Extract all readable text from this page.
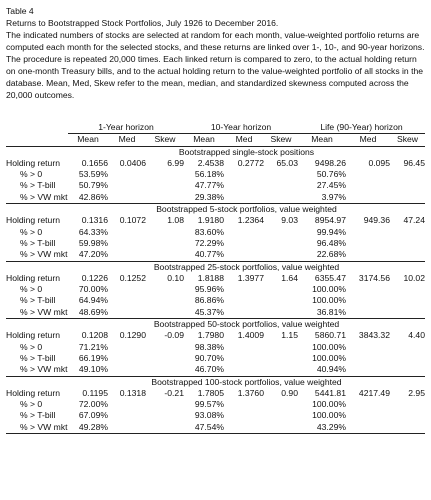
Table 4

Returns to Bootstrapped Stock Portfolios, July 1926 to December 2016.

The indicated numbers of stocks are selected at random for each month, value-weighted portfolio returns are computed each month for the selected stocks, and these returns are linked over 1-, 10-, and 90-year horizons. The procedure is repeated 20,000 times. Each linked return is compared to zero, to the actual holding return on one-month Treasury bills, and to the actual holding return to the value-weighted portfolio of all stocks in the database. Mean, Med, Skew refer to the mean, median, and standardized skewness computed across the 20,000 outcomes.

	1-Year horizon			10-Year horizon			Life (90-Year) horizon		
	Mean	Med	Skew	Mean	Med	Skew	Mean	Med	Skew
	Bootstrapped single-stock positions								
Holding return	0.1656	0.0406	6.99	2.4538	0.2772	65.03	9498.26	0.095	96.45
% > 0	53.59%			56.18%			50.76%		
% > T-bill	50.79%			47.77%			27.45%		
% > VW mkt	42.86%			29.38%			3.97%		
	Bootstrapped 5-stock portfolios, value weighted								
Holding return	0.1316	0.1072	1.08	1.9180	1.2364	9.03	8954.97	949.36	47.24
% > 0	64.33%			83.60%			99.94%		
% > T-bill	59.98%			72.29%			96.48%		
% > VW mkt	47.20%			40.77%			22.68%		
	Bootstrapped 25-stock portfolios, value weighted								
Holding return	0.1226	0.1252	0.10	1.8188	1.3977	1.64	6355.47	3174.56	10.02
% > 0	70.00%			95.96%			100.00%		
% > T-bill	64.94%			86.86%			100.00%		
% > VW mkt	48.69%			45.37%			36.81%		
	Bootstrapped 50-stock portfolios, value weighted								
Holding return	0.1208	0.1290	-0.09	1.7980	1.4009	1.15	5860.71	3843.32	4.40
% > 0	71.21%			98.38%			100.00%		
% > T-bill	66.19%			90.70%			100.00%		
% > VW mkt	49.10%			46.70%			40.94%		
	Bootstrapped 100-stock portfolios, value weighted								
Holding return	0.1195	0.1318	-0.21	1.7805	1.3760	0.90	5441.81	4217.49	2.95
% > 0	72.00%			99.57%			100.00%		
% > T-bill	67.09%			93.08%			100.00%		
% > VW mkt	49.28%			47.54%			43.29%		
